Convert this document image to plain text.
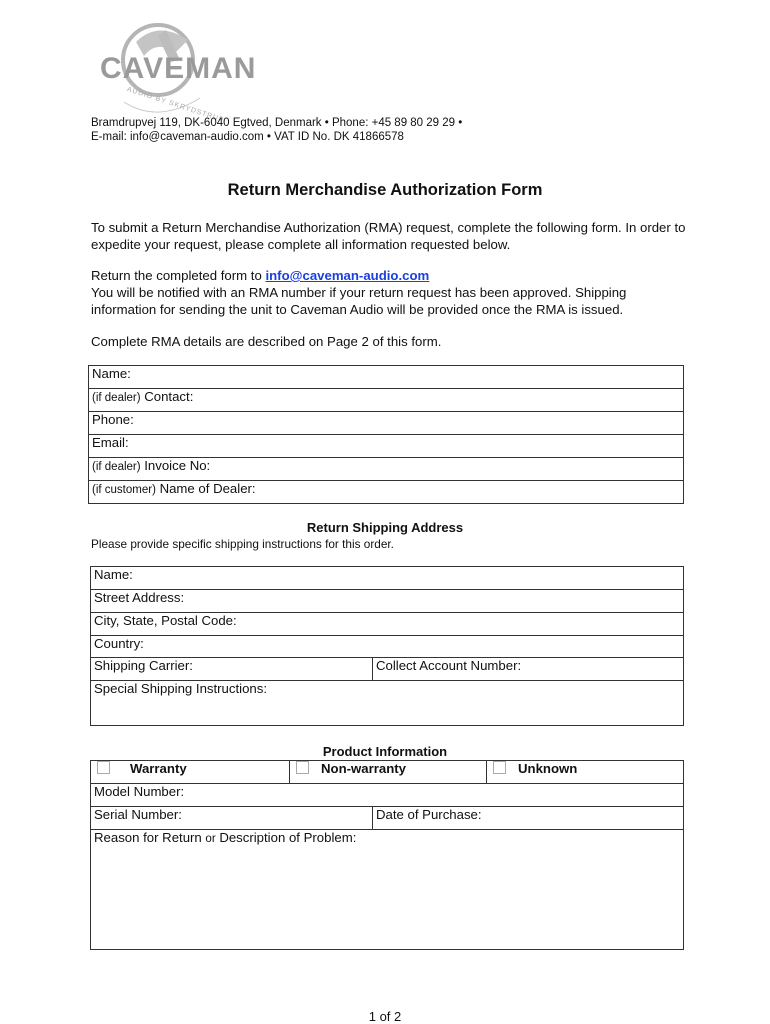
CAVEMAN
AUDIO BY SKRYDSTRUP
Bramdrupvej 119, DK-6040 Egtved, Denmark • Phone: +45 89 80 29 29 •
E-mail: info@caveman-audio.com • VAT ID No. DK 41866578
Return Merchandise Authorization Form
To submit a Return Merchandise Authorization (RMA) request, complete the following form. In order to expedite your request, please complete all information requested below.
Return the completed form to info@caveman-audio.com
You will be notified with an RMA number if your return request has been approved. Shipping information for sending the unit to Caveman Audio will be provided once the RMA is issued.
Complete RMA details are described on Page 2 of this form.
Name:
(if dealer) Contact:
Phone:
Email:
(if dealer) Invoice No:
(if customer) Name of Dealer:
Return Shipping Address
Please provide specific shipping instructions for this order.
Name:
Street Address:
City, State, Postal Code:
Country:
Shipping Carrier:	Collect Account Number:
Special Shipping Instructions:
Product Information
Warranty	Non-warranty	Unknown
Model Number:
Serial Number:	Date of Purchase:
Reason for Return or Description of Problem:
1 of 2
